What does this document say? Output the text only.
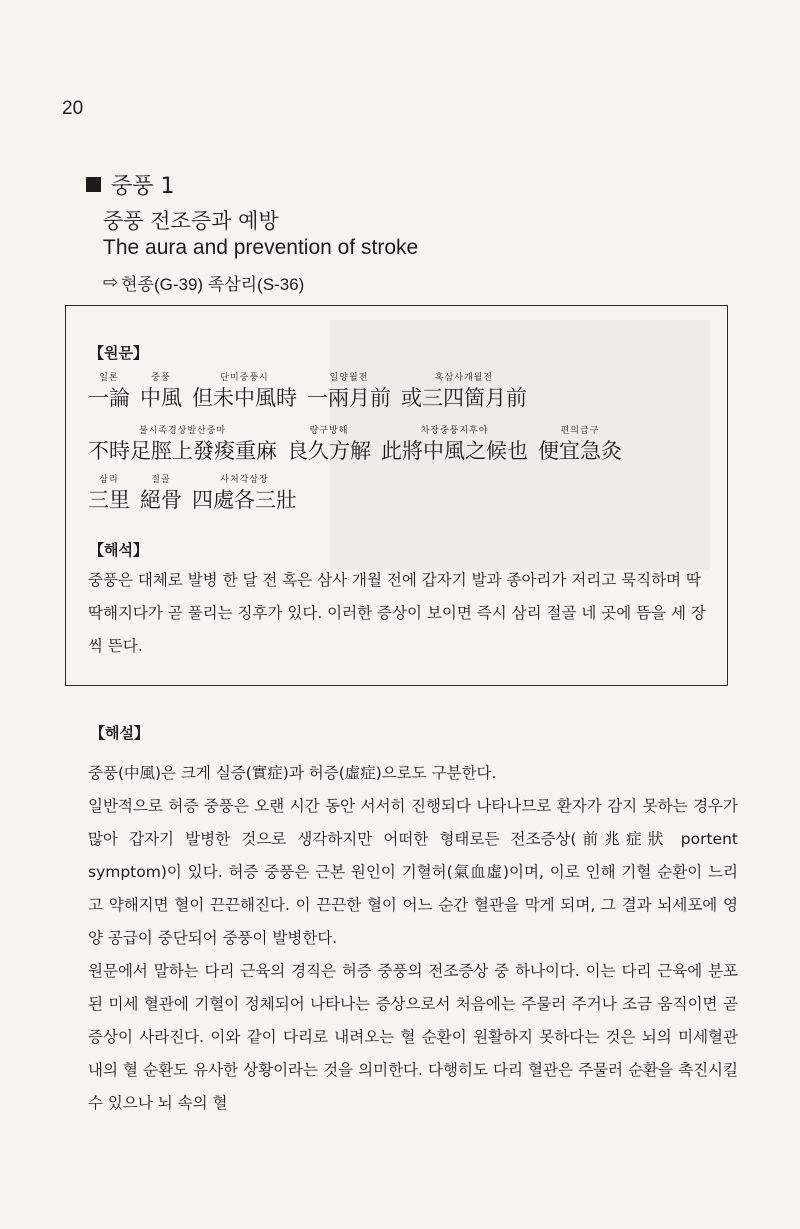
20
중풍 1
중풍 전조증과 예방
The aura and prevention of stroke
⇨ 현종(G-39) 족삼리(S-36)
【원문】
일론
一論
중풍
中風
단미중풍시
但未中風時
일양월전
一兩月前
혹삼사개월전
或三四箇月前
불시족경상발산중마
不時足脛上發痠重麻
량구방해
良久方解
차장중풍지후야
此將中風之候也
편의급구
便宜急灸
삼리
三里
절골
絕骨
사처각삼장
四處各三壯
【해석】
중풍은 대체로 발병 한 달 전 혹은 삼사 개월 전에 갑자기 발과 종아리가 저리고 묵직하며 딱딱해지다가 곧 풀리는 징후가 있다. 이러한 증상이 보이면 즉시 삼리 절골 네 곳에 뜸을 세 장씩 뜬다.
【해설】

중풍(中風)은 크게 실증(實症)과 허증(虛症)으로도 구분한다.

일반적으로 허증 중풍은 오랜 시간 동안 서서히 진행되다 나타나므로 환자가 감지 못하는 경우가 많아 갑자기 발병한 것으로 생각하지만 어떠한 형태로든 전조증상(前兆症狀 portent symptom)이 있다. 허증 중풍은 근본 원인이 기혈허(氣血虛)이며, 이로 인해 기혈 순환이 느리고 약해지면 혈이 끈끈해진다. 이 끈끈한 혈이 어느 순간 혈관을 막게 되며, 그 결과 뇌세포에 영양 공급이 중단되어 중풍이 발병한다.

원문에서 말하는 다리 근육의 경직은 허증 중풍의 전조증상 중 하나이다. 이는 다리 근육에 분포된 미세 혈관에 기혈이 정체되어 나타나는 증상으로서 처음에는 주물러 주거나 조금 움직이면 곧 증상이 사라진다. 이와 같이 다리로 내려오는 혈 순환이 원활하지 못하다는 것은 뇌의 미세혈관 내의 혈 순환도 유사한 상황이라는 것을 의미한다. 다행히도 다리 혈관은 주물러 순환을 촉진시킬 수 있으나 뇌 속의 혈
